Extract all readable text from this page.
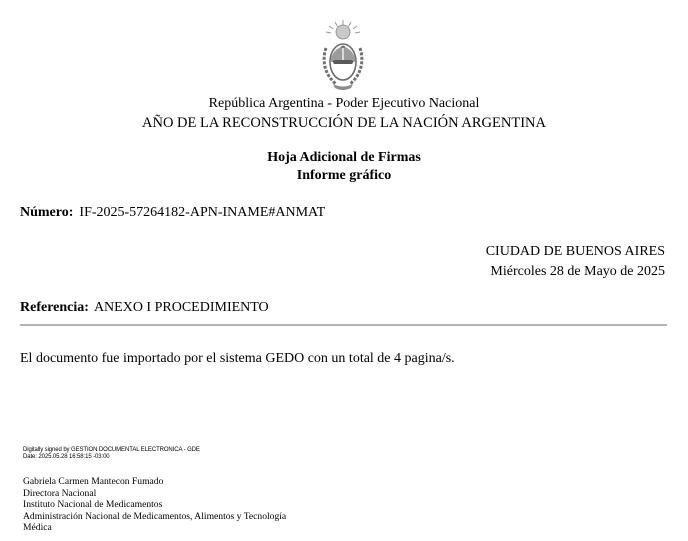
República Argentina - Poder Ejecutivo Nacional
AÑO DE LA RECONSTRUCCIÓN DE LA NACIÓN ARGENTINA
Hoja Adicional de Firmas
Informe gráfico
Número: IF-2025-57264182-APN-INAME#ANMAT
CIUDAD DE BUENOS AIRES
Miércoles 28 de Mayo de 2025
Referencia: ANEXO I PROCEDIMIENTO
El documento fue importado por el sistema GEDO con un total de 4 pagina/s.
Digitally signed by GESTION DOCUMENTAL ELECTRONICA - GDE
Date: 2025.05.28 16:58:15 -03:00
Gabriela Carmen Mantecon Fumado
Directora Nacional
Instituto Nacional de Medicamentos
Administración Nacional de Medicamentos, Alimentos y Tecnología
Médica
